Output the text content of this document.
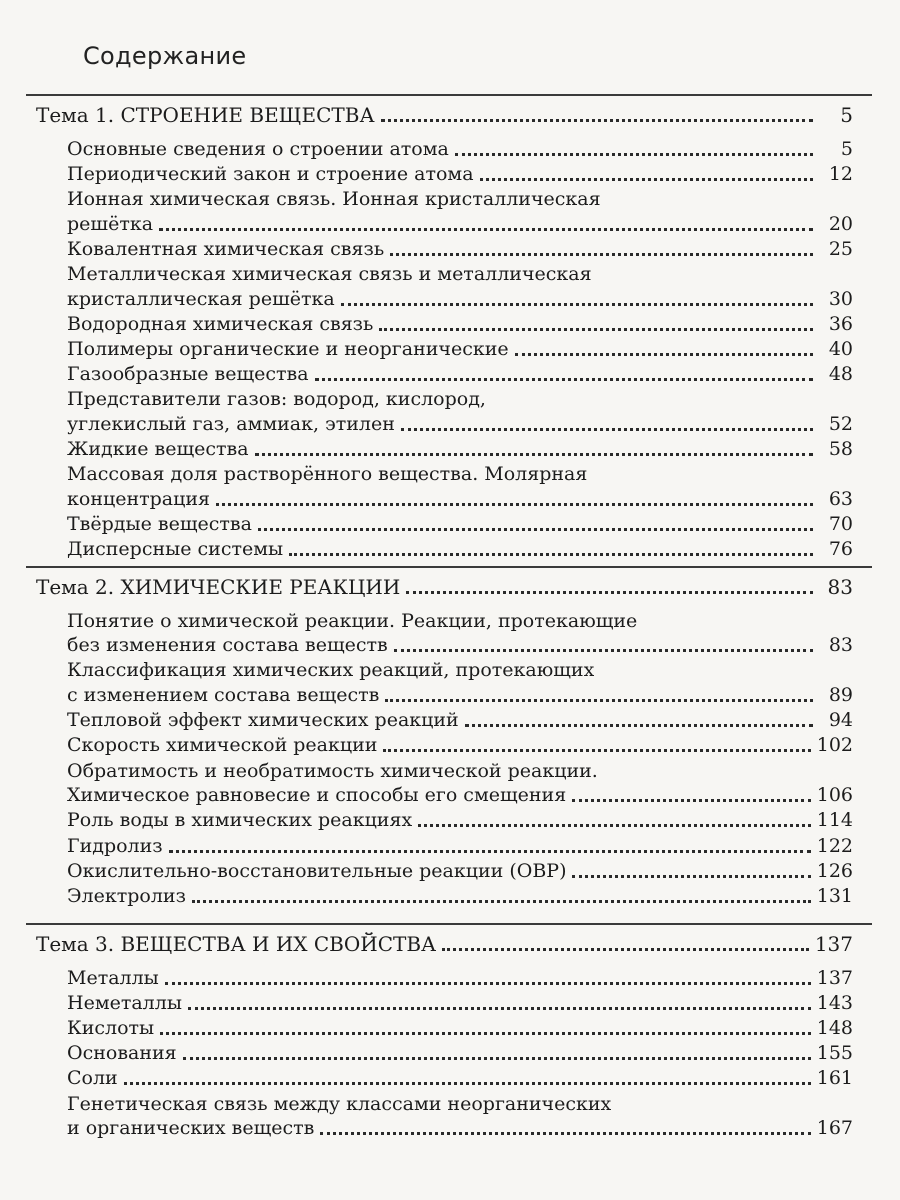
Содержание
Тема 1. СТРОЕНИЕ ВЕЩЕСТВА	5
Основные сведения о строении атома	5
Периодический закон и строение атома	12
Ионная химическая связь. Ионная кристаллическая
решётка	20
Ковалентная химическая связь	25
Металлическая химическая связь и металлическая
кристаллическая решётка	30
Водородная химическая связь	36
Полимеры органические и неорганические	40
Газообразные вещества	48
Представители газов: водород, кислород,
углекислый газ, аммиак, этилен	52
Жидкие вещества	58
Массовая доля растворённого вещества. Молярная
концентрация	63
Твёрдые вещества	70
Дисперсные системы	76
Тема 2. ХИМИЧЕСКИЕ РЕАКЦИИ	83
Понятие о химической реакции. Реакции, протекающие
без изменения состава веществ	83
Классификация химических реакций, протекающих
с изменением состава веществ	89
Тепловой эффект химических реакций	94
Скорость химической реакции	102
Обратимость и необратимость химической реакции.
Химическое равновесие и способы его смещения	106
Роль воды в химических реакциях	114
Гидролиз	122
Окислительно-восстановительные реакции (ОВР)	126
Электролиз	131
Тема 3. ВЕЩЕСТВА И ИХ СВОЙСТВА	137
Металлы	137
Неметаллы	143
Кислоты	148
Основания	155
Соли	161
Генетическая связь между классами неорганических
и органических веществ	167
